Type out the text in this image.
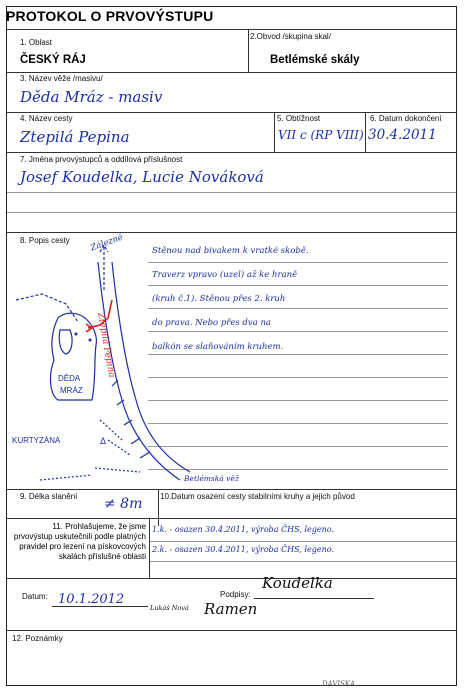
PROTOKOL O PRVOVÝSTUPU
1. Oblast
ČESKÝ RÁJ
2.Obvod /skupina skal/
Betlémské skály
3. Název věže /masivu/
Děda Mráz - masiv
4. Název cesty
Ztepilá Pepina
5. Obtížnost
VII c (RP VIII)
6. Datum dokončení
30.4.2011
7. Jména prvovýstupců a oddílová příslušnost
Josef Koudelka, Lucie Nováková
8. Popis cesty
Stěnou nad bivakem k vratké skobě.
Traverz vpravo (uzel) až ke hraně
(kruh č.1). Stěnou přes 2. kruh
do prava. Nebo přes dva na
balkón se slaňováním kruhem.
Zálezné
Ztepilá Pepina
DĚDA
MRÁZ
KURTYZÁNA	Δ
Betlémská věž
9. Délka slanění ≠ 8m 10.Datum osazení cesty stabilními kruhy a jejich původ
11. Prohlašujeme, že jsme prvovýstup uskutečnili podle platných pravidel pro lezení na pískovcových skalách příslušné oblasti
1.k. - osazen 30.4.2011, výroba ČHS, legeno.
2.k. - osazen 30.4.2011, výroba ČHS, legeno.
Datum: 10.1.2012	Podpisy:
Koudelka
Lukáš Nová Ramen
12. Poznámky
DAVISKA
